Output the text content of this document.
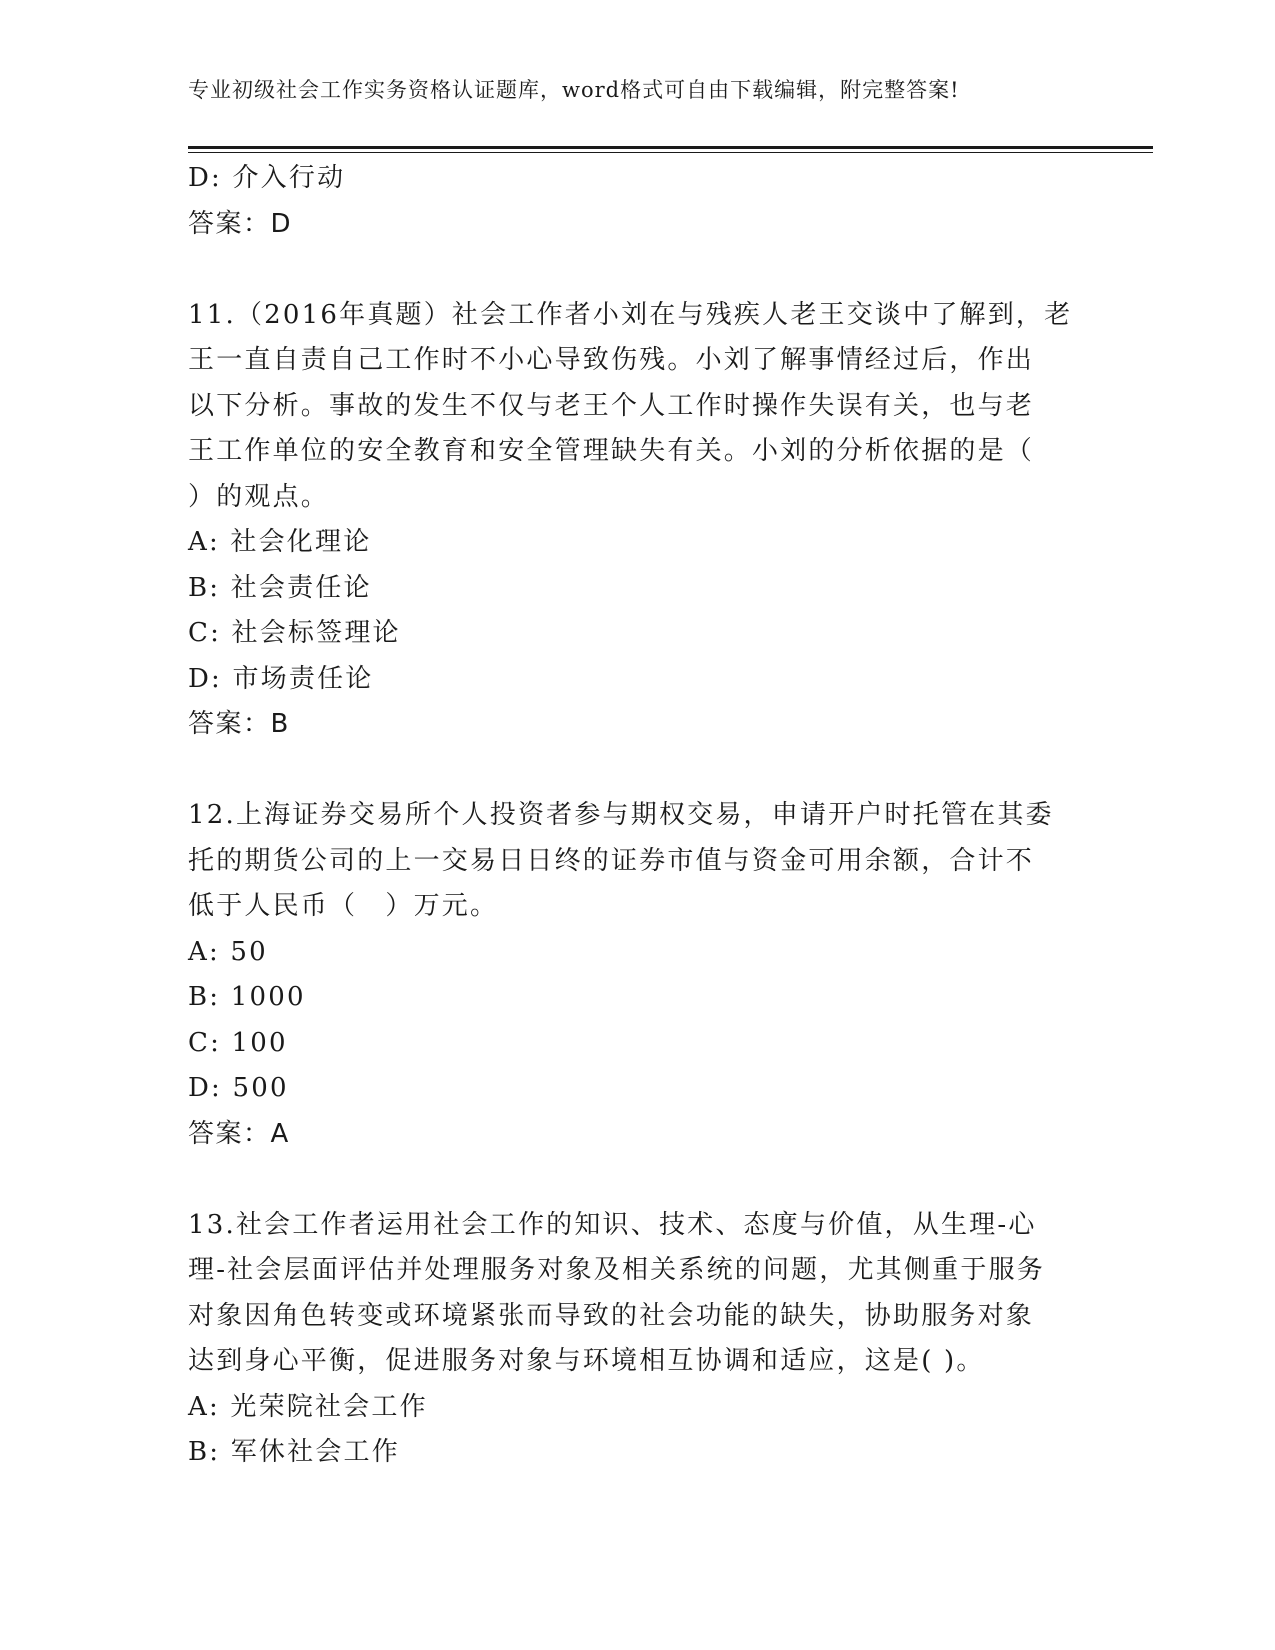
专业初级社会工作实务资格认证题库，word格式可自由下载编辑，附完整答案!
D: 介入行动
答案：D
11.（2016年真题）社会工作者小刘在与残疾人老王交谈中了解到，老
王一直自责自己工作时不小心导致伤残。小刘了解事情经过后，作出
以下分析。事故的发生不仅与老王个人工作时操作失误有关，也与老
王工作单位的安全教育和安全管理缺失有关。小刘的分析依据的是（
）的观点。
A: 社会化理论
B: 社会责任论
C: 社会标签理论
D: 市场责任论
答案：B
12.上海证券交易所个人投资者参与期权交易，申请开户时托管在其委
托的期货公司的上一交易日日终的证券市值与资金可用余额，合计不
低于人民币（　）万元。
A: 50
B: 1000
C: 100
D: 500
答案：A
13.社会工作者运用社会工作的知识、技术、态度与价值，从生理-心
理-社会层面评估并处理服务对象及相关系统的问题，尤其侧重于服务
对象因角色转变或环境紧张而导致的社会功能的缺失，协助服务对象
达到身心平衡，促进服务对象与环境相互协调和适应，这是( )。
A: 光荣院社会工作
B: 军休社会工作
